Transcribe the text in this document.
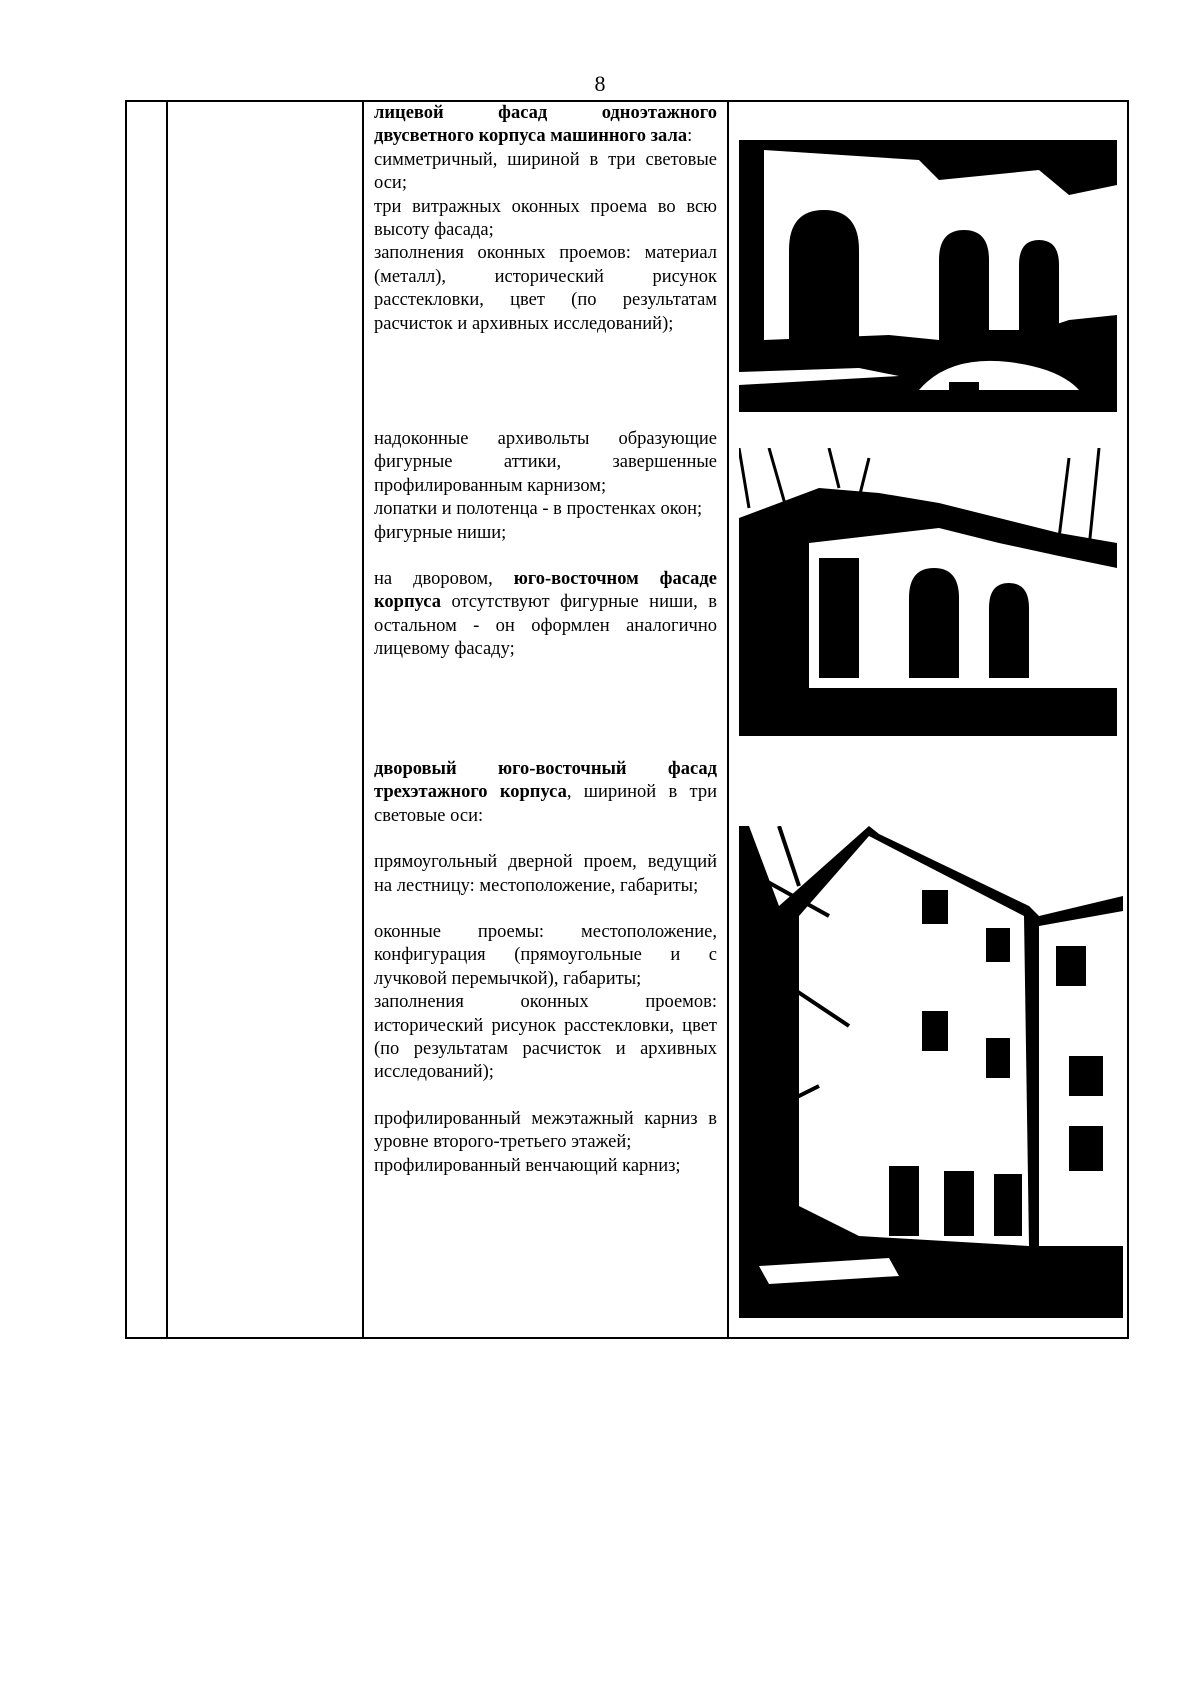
8

лицевой фасад одноэтажного двусветного корпуса машинного зала:

симметричный, шириной в три световые оси;

три витражных оконных проема во всю высоту фасада;

заполнения оконных проемов: материал (металл), исторический рисунок расстекловки, цвет (по результатам расчисток и архивных исследований);

надоконные архивольты образующие фигурные аттики, завершенные профилированным карнизом;

лопатки и полотенца - в простенках окон;

фигурные ниши;

на дворовом, юго-восточном фасаде корпуса отсутствуют фигурные ниши, в остальном - он оформлен аналогично лицевому фасаду;

дворовый юго-восточный фасад трехэтажного корпуса, шириной в три световые оси:

прямоугольный дверной проем, ведущий на лестницу: местоположение, габариты;

оконные проемы: местоположение, конфигурация (прямоугольные и с лучковой перемычкой), габариты;

заполнения оконных проемов: исторический рисунок расстекловки, цвет (по результатам расчисток и архивных исследований);

профилированный межэтажный карниз в уровне второго-третьего этажей;

профилированный венчающий карниз;
